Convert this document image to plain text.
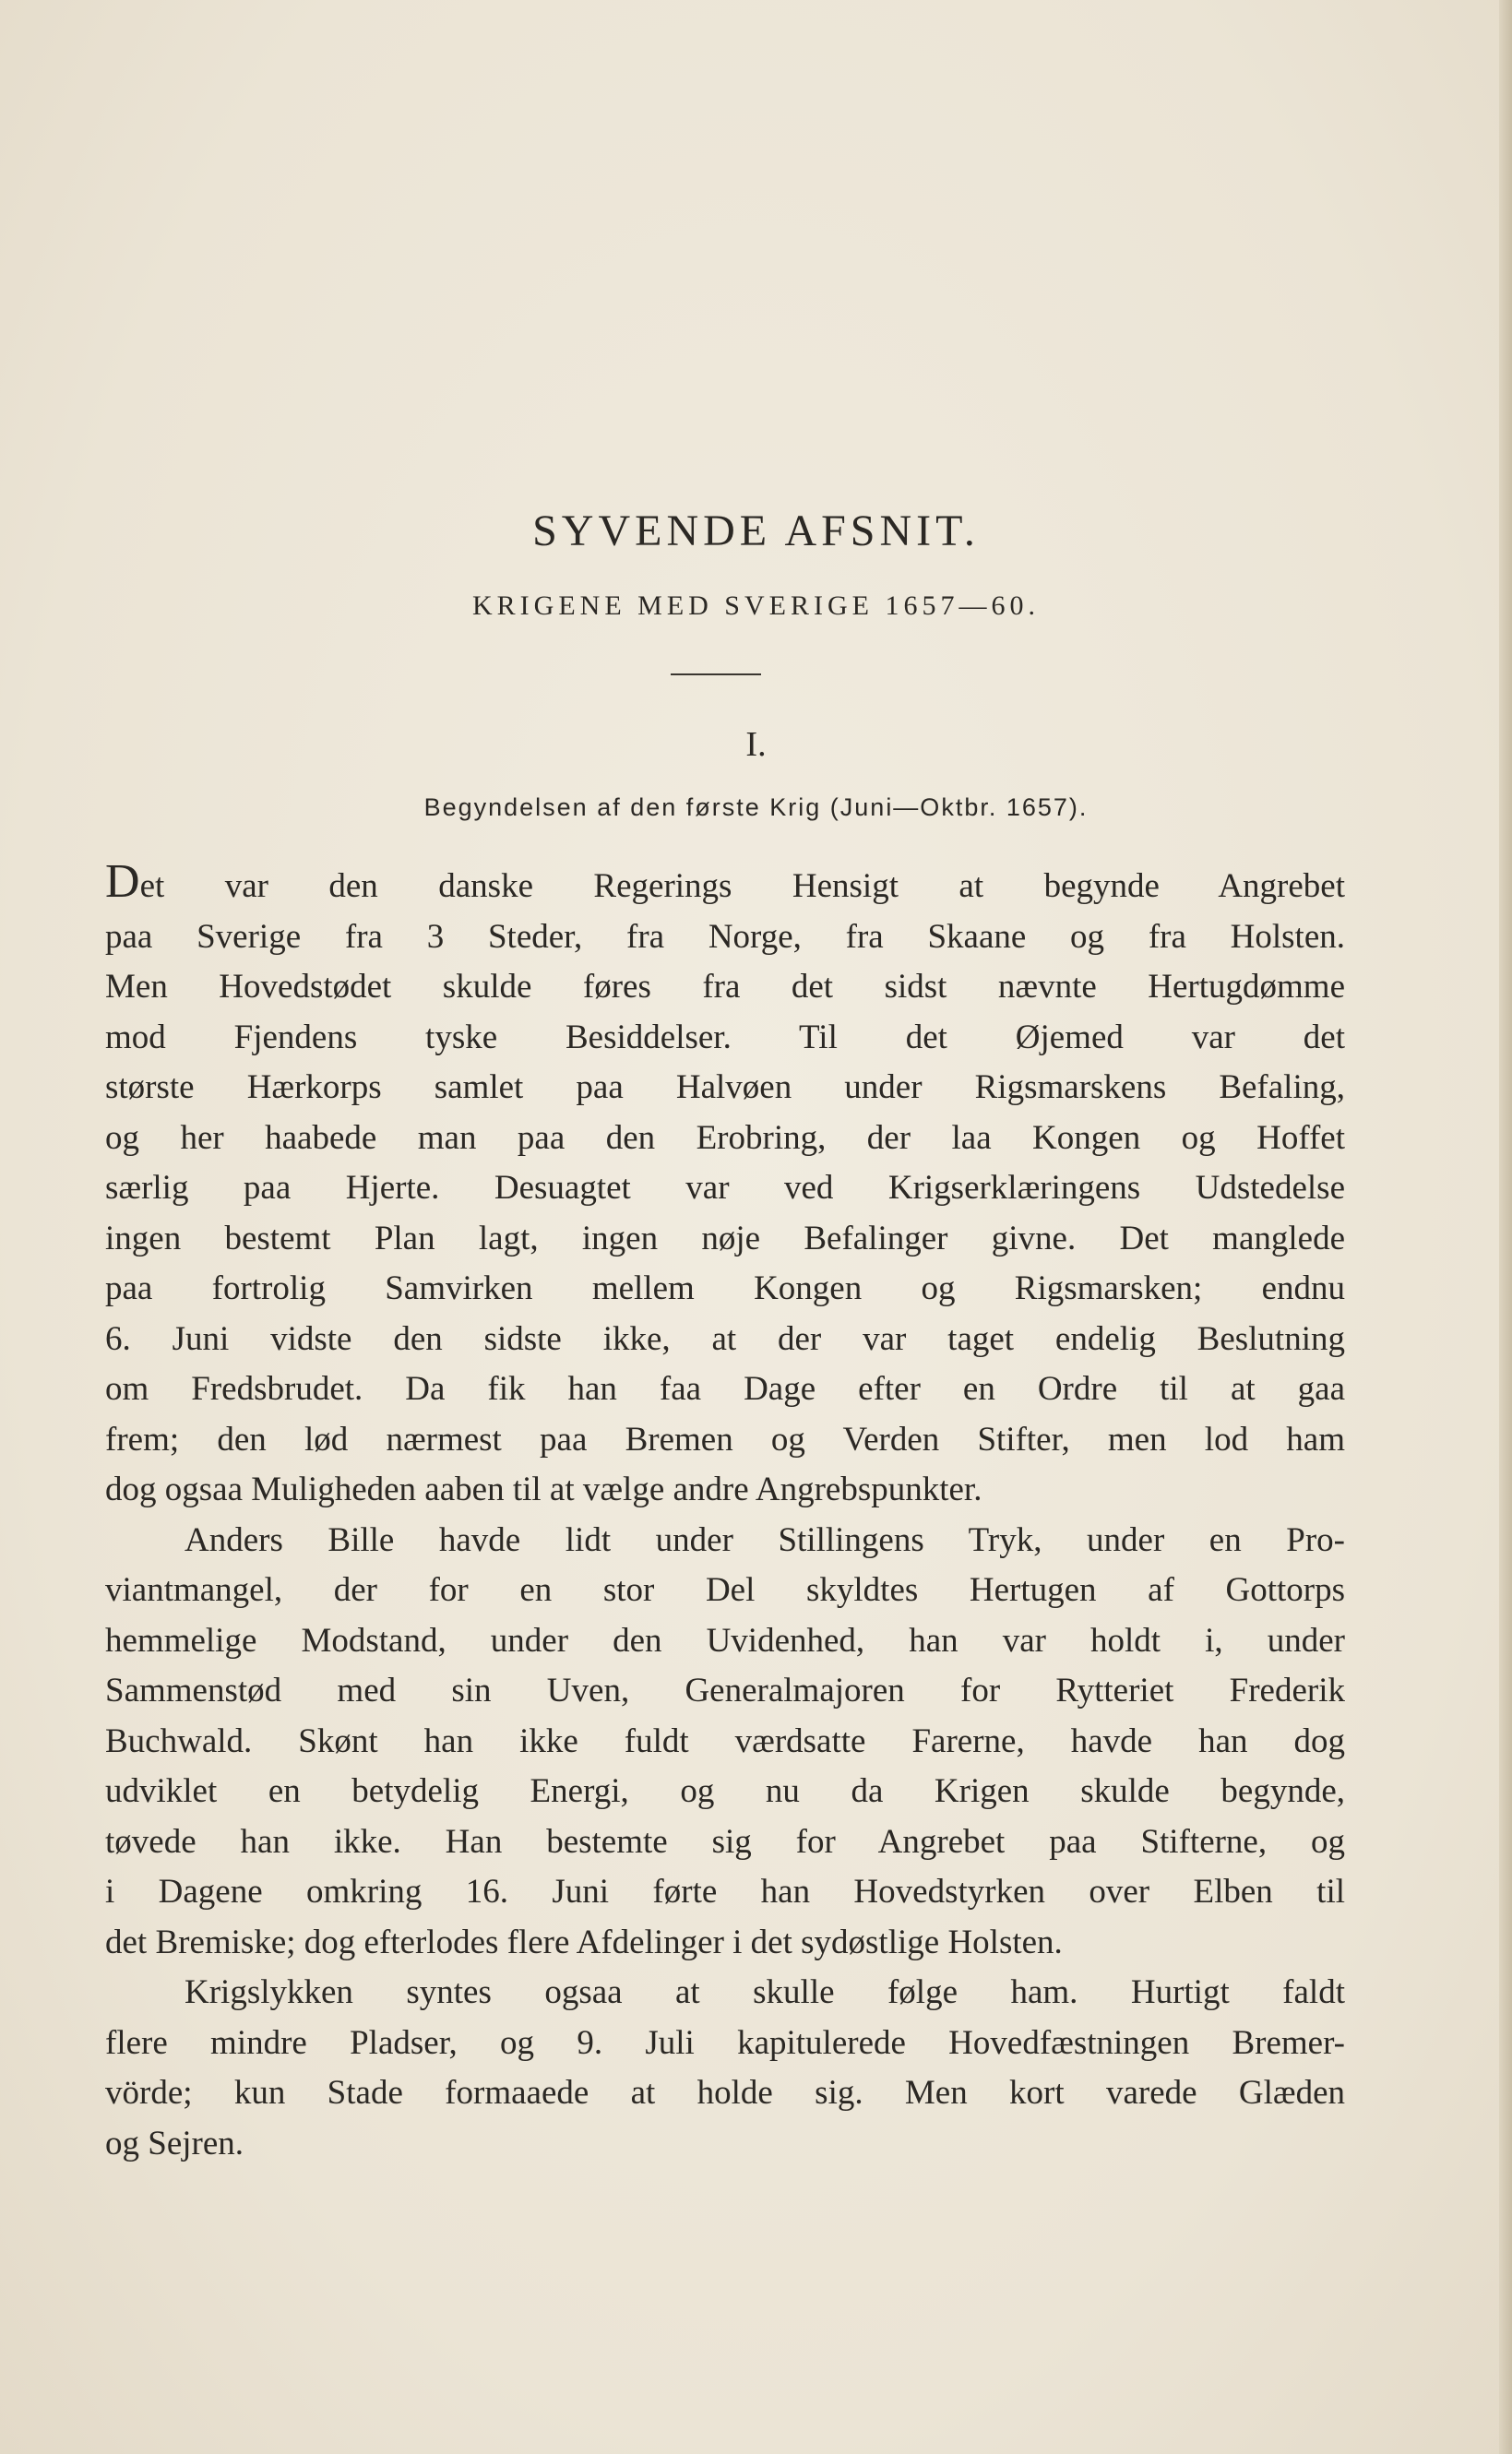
SYVENDE AFSNIT.
KRIGENE MED SVERIGE 1657—60.
I.
Begyndelsen af den første Krig (Juni—Oktbr. 1657).

Det var den danske Regerings Hensigt at begynde Angrebet
paa Sverige fra 3 Steder, fra Norge, fra Skaane og fra Holsten.
Men Hovedstødet skulde føres fra det sidst nævnte Hertugdømme
mod Fjendens tyske Besiddelser. Til det Øjemed var det
største Hærkorps samlet paa Halvøen under Rigsmarskens Befaling,
og her haabede man paa den Erobring, der laa Kongen og Hoffet
særlig paa Hjerte. Desuagtet var ved Krigserklæringens Udstedelse
ingen bestemt Plan lagt, ingen nøje Befalinger givne. Det manglede
paa fortrolig Samvirken mellem Kongen og Rigsmarsken; endnu
6. Juni vidste den sidste ikke, at der var taget endelig Beslutning
om Fredsbrudet. Da fik han faa Dage efter en Ordre til at gaa
frem; den lød nærmest paa Bremen og Verden Stifter, men lod ham
dog ogsaa Muligheden aaben til at vælge andre Angrebspunkter.

Anders Bille havde lidt under Stillingens Tryk, under en Pro-
viantmangel, der for en stor Del skyldtes Hertugen af Gottorps
hemmelige Modstand, under den Uvidenhed, han var holdt i, under
Sammenstød med sin Uven, Generalmajoren for Rytteriet Frederik
Buchwald. Skønt han ikke fuldt værdsatte Farerne, havde han dog
udviklet en betydelig Energi, og nu da Krigen skulde begynde,
tøvede han ikke. Han bestemte sig for Angrebet paa Stifterne, og
i Dagene omkring 16. Juni førte han Hovedstyrken over Elben til
det Bremiske; dog efterlodes flere Afdelinger i det sydøstlige Holsten.

Krigslykken syntes ogsaa at skulle følge ham. Hurtigt faldt
flere mindre Pladser, og 9. Juli kapitulerede Hovedfæstningen Bremer-
vörde; kun Stade formaaede at holde sig. Men kort varede Glæden
og Sejren.
